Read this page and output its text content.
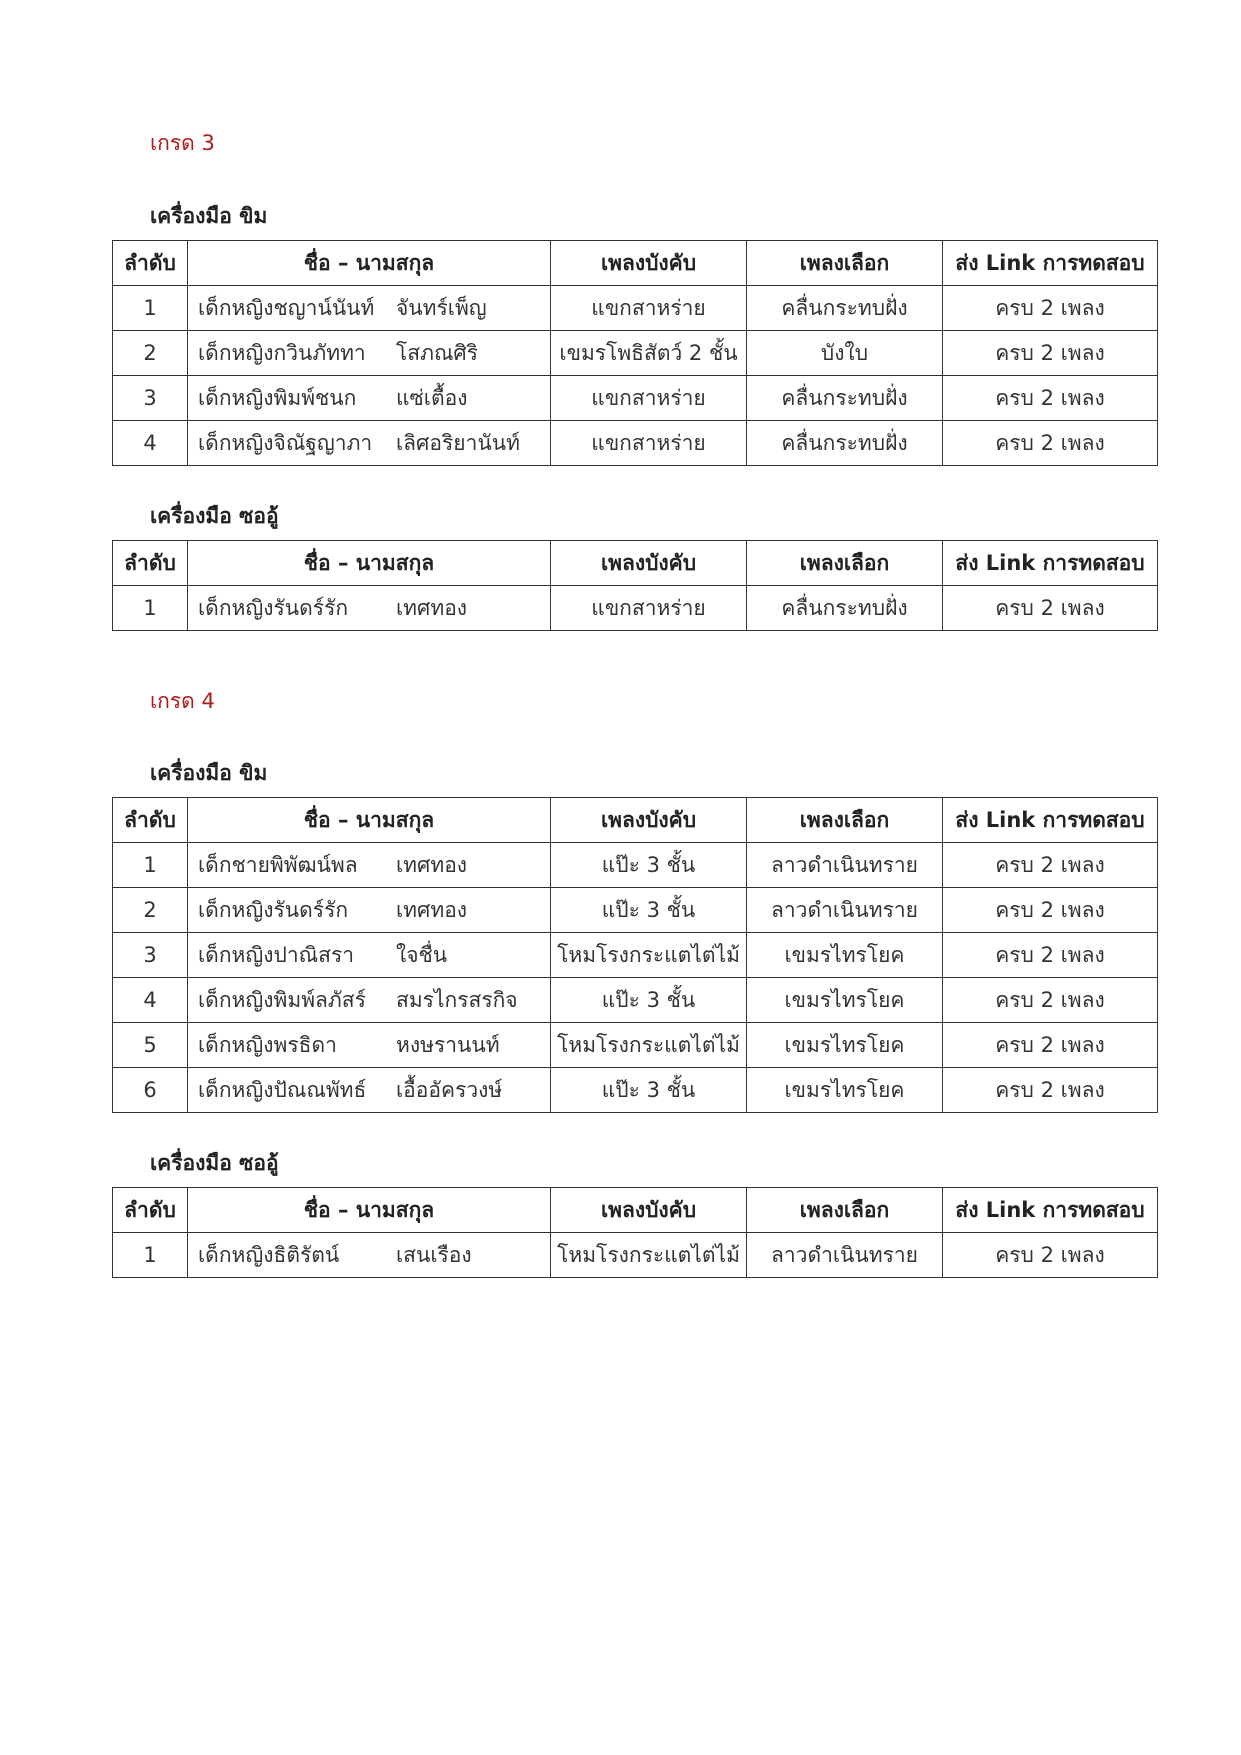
เกรด 3
เครื่องมือ ขิม
ลำดับ	ชื่อ – นามสกุล	เพลงบังคับ	เพลงเลือก	ส่ง Link การทดสอบ
1	เด็กหญิงชญาน์นันท์ จันทร์เพ็ญ	แขกสาหร่าย	คลื่นกระทบฝั่ง	ครบ 2 เพลง
2	เด็กหญิงกวินภัททา โสภณศิริ	เขมรโพธิสัตว์ 2 ชั้น	บังใบ	ครบ 2 เพลง
3	เด็กหญิงพิมพ์ชนก แซ่เตื้อง	แขกสาหร่าย	คลื่นกระทบฝั่ง	ครบ 2 เพลง
4	เด็กหญิงจิณัฐญาภา เลิศอริยานันท์	แขกสาหร่าย	คลื่นกระทบฝั่ง	ครบ 2 เพลง
เครื่องมือ ซออู้
ลำดับ	ชื่อ – นามสกุล	เพลงบังคับ	เพลงเลือก	ส่ง Link การทดสอบ
1	เด็กหญิงรันดร์รัก เทศทอง	แขกสาหร่าย	คลื่นกระทบฝั่ง	ครบ 2 เพลง
เกรด 4
เครื่องมือ ขิม
ลำดับ	ชื่อ – นามสกุล	เพลงบังคับ	เพลงเลือก	ส่ง Link การทดสอบ
1	เด็กชายพิพัฒน์พล เทศทอง	แป๊ะ 3 ชั้น	ลาวดำเนินทราย	ครบ 2 เพลง
2	เด็กหญิงรันดร์รัก เทศทอง	แป๊ะ 3 ชั้น	ลาวดำเนินทราย	ครบ 2 เพลง
3	เด็กหญิงปาณิสรา ใจชื่น	โหมโรงกระแตไต่ไม้	เขมรไทรโยค	ครบ 2 เพลง
4	เด็กหญิงพิมพ์ลภัสร์ สมรไกรสรกิจ	แป๊ะ 3 ชั้น	เขมรไทรโยค	ครบ 2 เพลง
5	เด็กหญิงพรธิดา หงษรานนท์	โหมโรงกระแตไต่ไม้	เขมรไทรโยค	ครบ 2 เพลง
6	เด็กหญิงปัณณพัทธ์ เอื้ออัครวงษ์	แป๊ะ 3 ชั้น	เขมรไทรโยค	ครบ 2 เพลง
เครื่องมือ ซออู้
ลำดับ	ชื่อ – นามสกุล	เพลงบังคับ	เพลงเลือก	ส่ง Link การทดสอบ
1	เด็กหญิงธิติรัตน์ เสนเรือง	โหมโรงกระแตไต่ไม้	ลาวดำเนินทราย	ครบ 2 เพลง
